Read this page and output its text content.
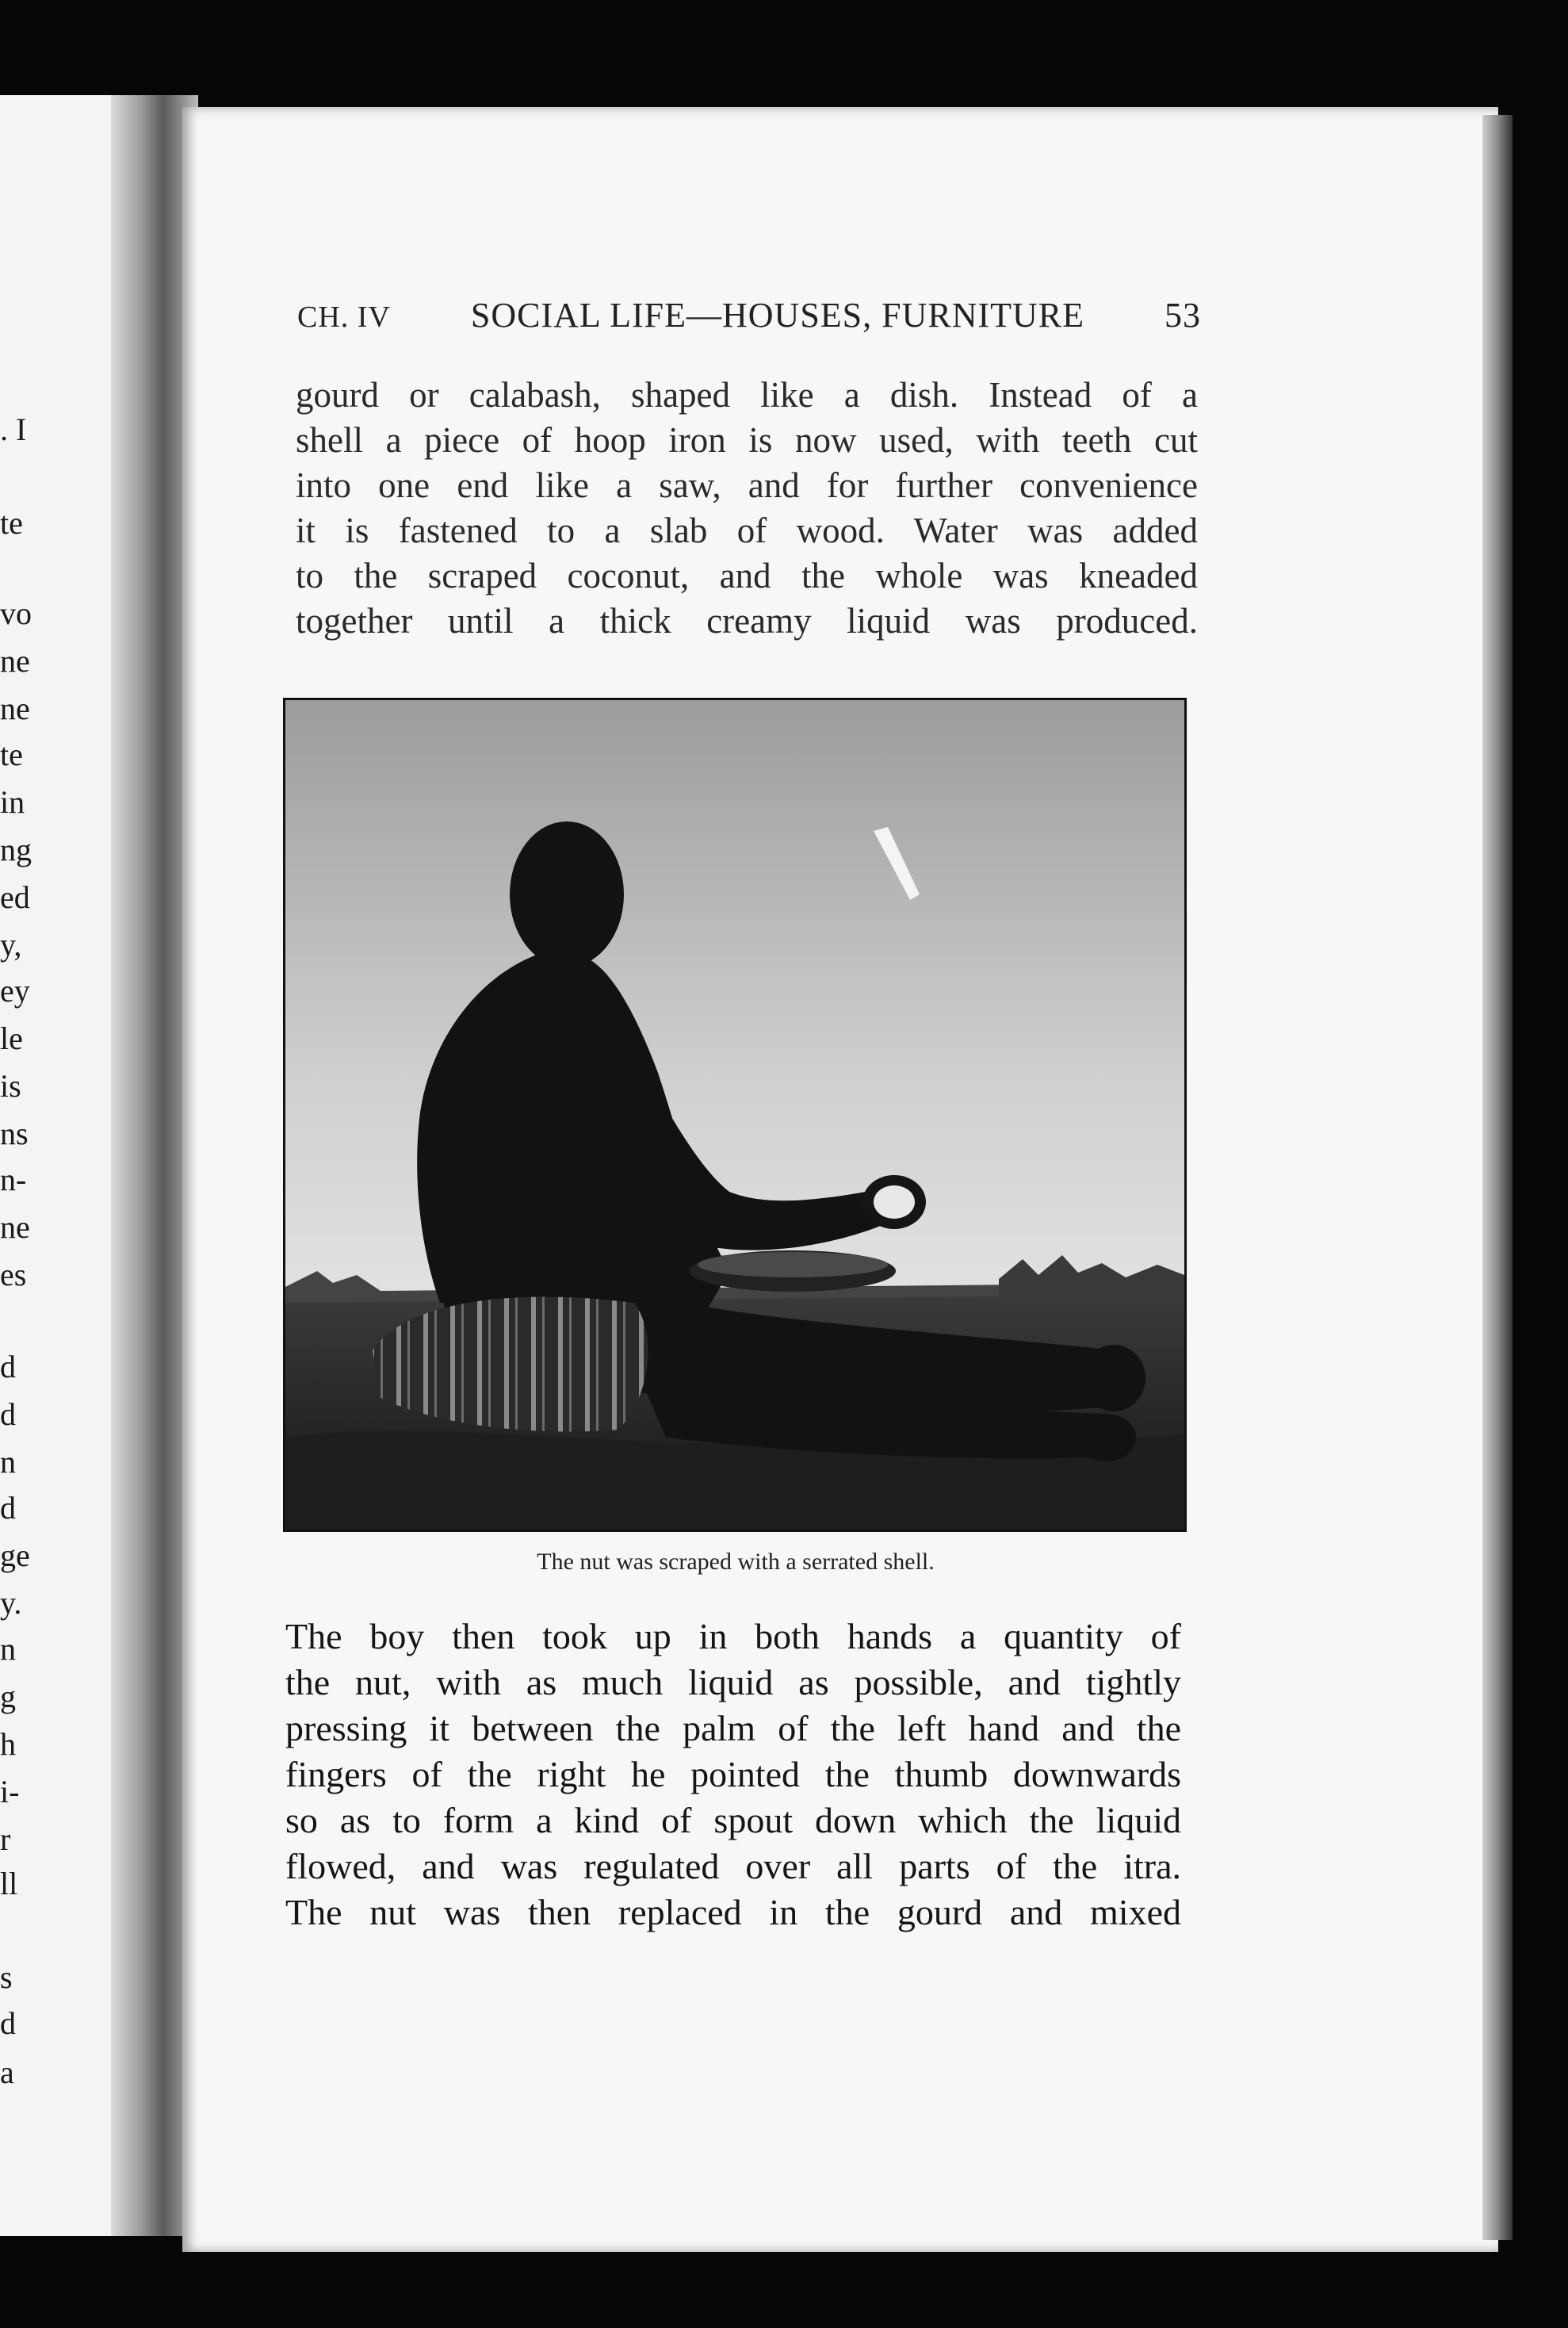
. I
te
vo
ne
ne
te
in
ng
ed
y,
ey
le
is
ns
n-
ne
es
d
d
n
d
ge
y.
n
g
h
i-
r
ll
s
d
a
CH. IV	SOCIAL LIFE—HOUSES, FURNITURE	53
gourd or calabash, shaped like a dish. Instead of a
shell a piece of hoop iron is now used, with teeth cut
into one end like a saw, and for further convenience
it is fastened to a slab of wood. Water was added
to the scraped coconut, and the whole was kneaded
together until a thick creamy liquid was produced.
The nut was scraped with a serrated shell.
The boy then took up in both hands a quantity of
the nut, with as much liquid as possible, and tightly
pressing it between the palm of the left hand and the
fingers of the right he pointed the thumb downwards
so as to form a kind of spout down which the liquid
flowed, and was regulated over all parts of the itra.
The nut was then replaced in the gourd and mixed
